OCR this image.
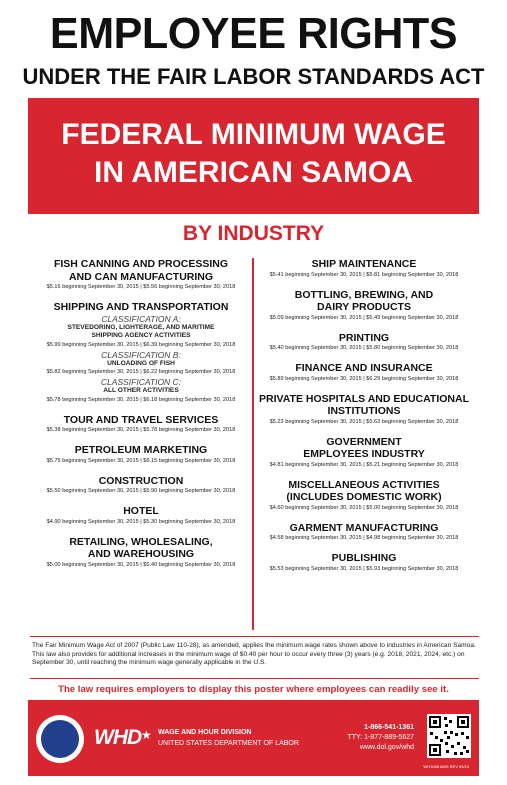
EMPLOYEE RIGHTS
UNDER THE FAIR LABOR STANDARDS ACT
FEDERAL MINIMUM WAGE
IN AMERICAN SAMOA
BY INDUSTRY
FISH CANNING AND PROCESSING
AND CAN MANUFACTURING
$5.16 beginning September 30, 2015 | $5.56 beginning September 30, 2018
SHIPPING AND TRANSPORTATION
CLASSIFICATION A:
STEVEDORING, LIGHTERAGE, AND MARITIME
SHIPPING AGENCY ACTIVITIES
$5.99 beginning September 30, 2015 | $6.39 beginning September 30, 2018
CLASSIFICATION B:
UNLOADING OF FISH
$5.82 beginning September 30, 2015 | $6.22 beginning September 30, 2018
CLASSIFICATION C:
ALL OTHER ACTIVITIES
$5.78 beginning September 30, 2015 | $6.18 beginning September 30, 2018
TOUR AND TRAVEL SERVICES
$5.38 beginning September 30, 2015 | $5.78 beginning September 30, 2018
PETROLEUM MARKETING
$5.75 beginning September 30, 2015 | $6.15 beginning September 30, 2018
CONSTRUCTION
$5.50 beginning September 30, 2015 | $5.90 beginning September 30, 2018
HOTEL
$4.90 beginning September 30, 2015 | $5.30 beginning September 30, 2018
RETAILING, WHOLESALING,
AND WAREHOUSING
$5.00 beginning September 30, 2015 | $5.40 beginning September 30, 2018
SHIP MAINTENANCE
$5.41 beginning September 30, 2015 | $5.81 beginning September 30, 2018
BOTTLING, BREWING, AND
DAIRY PRODUCTS
$5.09 beginning September 30, 2015 | $5.49 beginning September 30, 2018
PRINTING
$5.40 beginning September 30, 2015 | $5.80 beginning September 30, 2018
FINANCE AND INSURANCE
$5.89 beginning September 30, 2015 | $6.29 beginning September 30, 2018
PRIVATE HOSPITALS AND EDUCATIONAL
INSTITUTIONS
$5.23 beginning September 30, 2015 | $5.63 beginning September 30, 2018
GOVERNMENT
EMPLOYEES INDUSTRY
$4.81 beginning September 30, 2015 | $5.21 beginning September 30, 2018
MISCELLANEOUS ACTIVITIES
(INCLUDES DOMESTIC WORK)
$4.60 beginning September 30, 2015 | $5.00 beginning September 30, 2018
GARMENT MANUFACTURING
$4.58 beginning September 30, 2015 | $4.98 beginning September 30, 2018
PUBLISHING
$5.53 beginning September 30, 2015 | $5.93 beginning September 30, 2018
The Fair Minimum Wage Act of 2007 (Public Law 110-28), as amended, applies the minimum wage rates shown above to industries in American Samoa. This law also provides for additional increases in the minimum wage of $0.40 per hour to occur every three (3) years (e.g. 2018, 2021, 2024, etc.) on September 30, until reaching the minimum wage generally applicable in the U.S.
The law requires employers to display this poster where employees can readily see it.
WHD ★ WAGE AND HOUR DIVISION
UNITED STATES DEPARTMENT OF LABOR
1-866-541-1361
TTY: 1-877-889-5627
www.dol.gov/whd
WH1088 AMS REV 09/15
